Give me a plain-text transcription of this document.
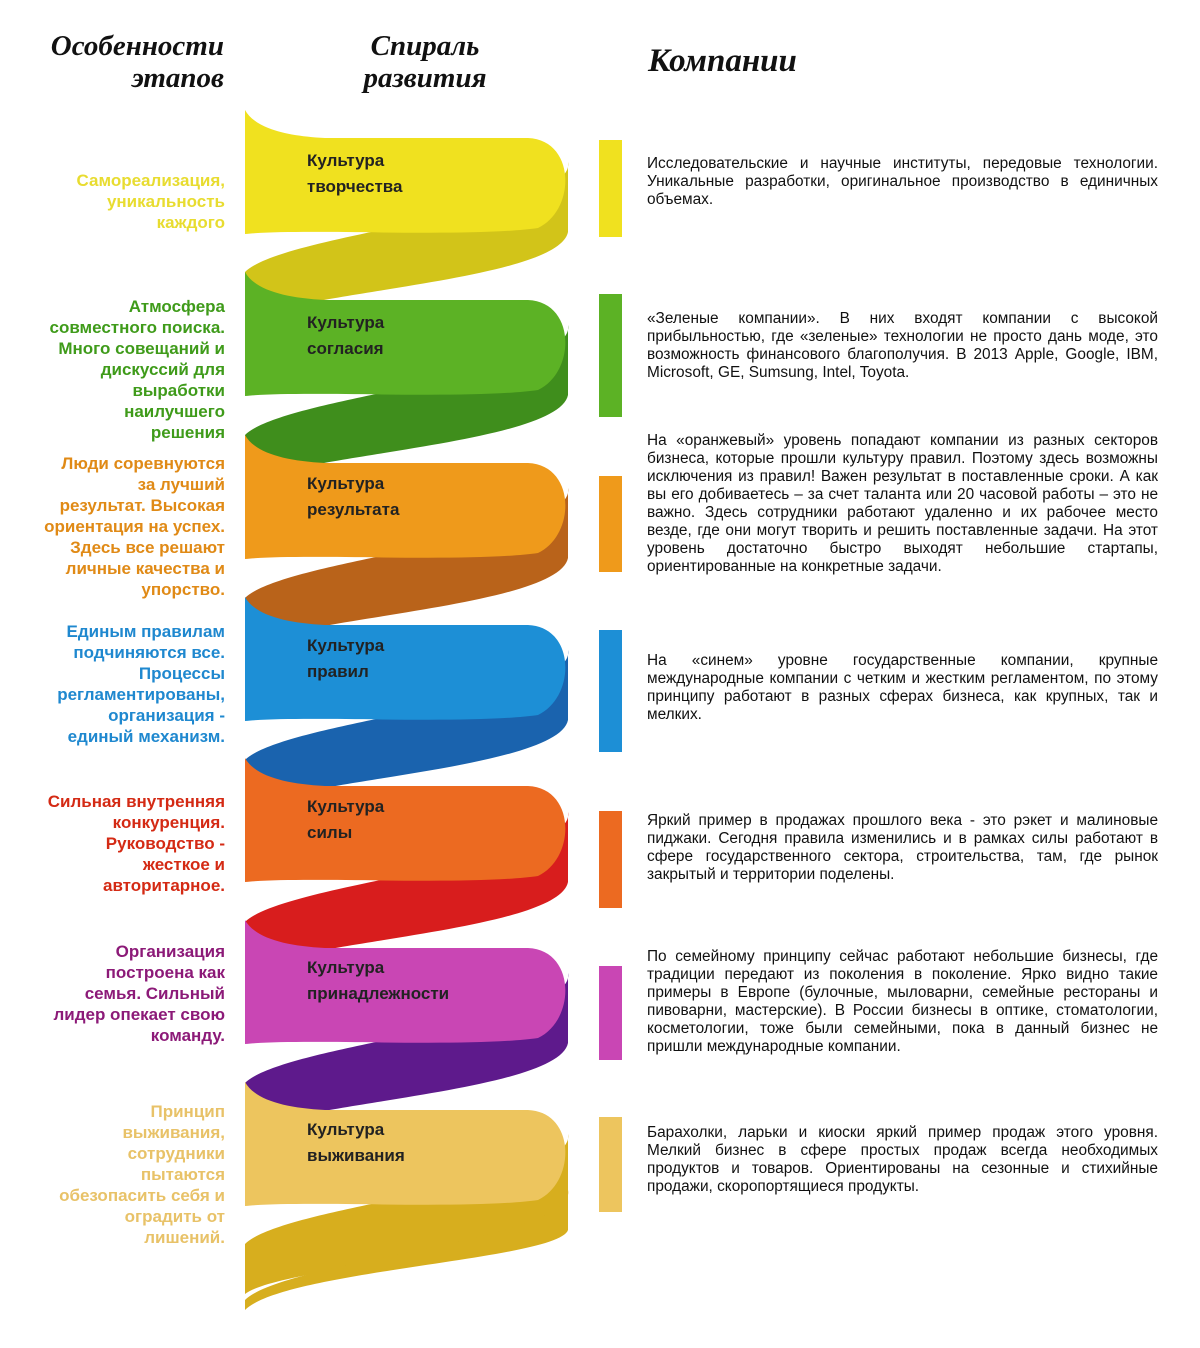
Особенности
этапов
Спираль
развития	Компании
Культура
творчества
Самореализация,
уникальность
каждого
Исследовательские и научные институты, передовые технологии. Уникальные разработки, оригинальное производство в единичных объемах.
Культура
согласия
Атмосфера
совместного поиска.
Много совещаний и
дискуссий для
выработки
наилучшего
решения
«Зеленые компании». В них входят компании с высокой прибыльностью, где «зеленые» технологии не просто дань моде, это возможность финансового благополучия. В 2013 Apple, Google, IBM, Microsoft, GE, Sumsung, Intel, Toyota.
Культура
результата
Люди соревнуются
за лучший
результат. Высокая
ориентация на успех.
Здесь все решают
личные качества и
упорство.
На «оранжевый» уровень попадают компании из разных секторов бизнеса, которые прошли культуру правил. Поэтому здесь возможны исключения из правил! Важен результат в поставленные сроки. А как вы его добиваетесь – за счет таланта или 20 часовой работы – это не важно. Здесь сотрудники работают удаленно и их рабочее место везде, где они могут творить и решить поставленные задачи. На этот уровень достаточно быстро выходят небольшие стартапы, ориентированные на конкретные задачи.
Культура
правил
Единым правилам
подчиняются все.
Процессы
регламентированы,
организация -
единый механизм.
На «синем» уровне государственные компании, крупные международные компании с четким и жестким регламентом, по этому принципу работают в разных сферах бизнеса, как крупных, так и мелких.
Культура
силы
Сильная внутренняя
конкуренция.
Руководство -
жесткое и
авторитарное.
Яркий пример в продажах прошлого века - это рэкет и малиновые пиджаки. Сегодня правила изменились и в рамках силы работают в сфере государственного сектора, строительства, там, где рынок закрытый и территории поделены.
Культура
принадлежности
Организация
построена как
семья. Сильный
лидер опекает свою
команду.
По семейному принципу сейчас работают небольшие бизнесы, где традиции передают из поколения в поколение. Ярко видно такие примеры в Европе (булочные, мыловарни, семейные рестораны и пивоварни, мастерские). В России бизнесы в оптике, стоматологии, косметологии, тоже были семейными, пока в данный бизнес не пришли международные компании.
Культура
выживания
Принцип
выживания,
сотрудники
пытаются
обезопасить себя и
оградить от
лишений.
Барахолки, ларьки и киоски яркий пример продаж этого уровня. Мелкий бизнес в сфере простых продаж всегда необходимых продуктов и товаров. Ориентированы на сезонные и стихийные продажи, скоропортящиеся продукты.
